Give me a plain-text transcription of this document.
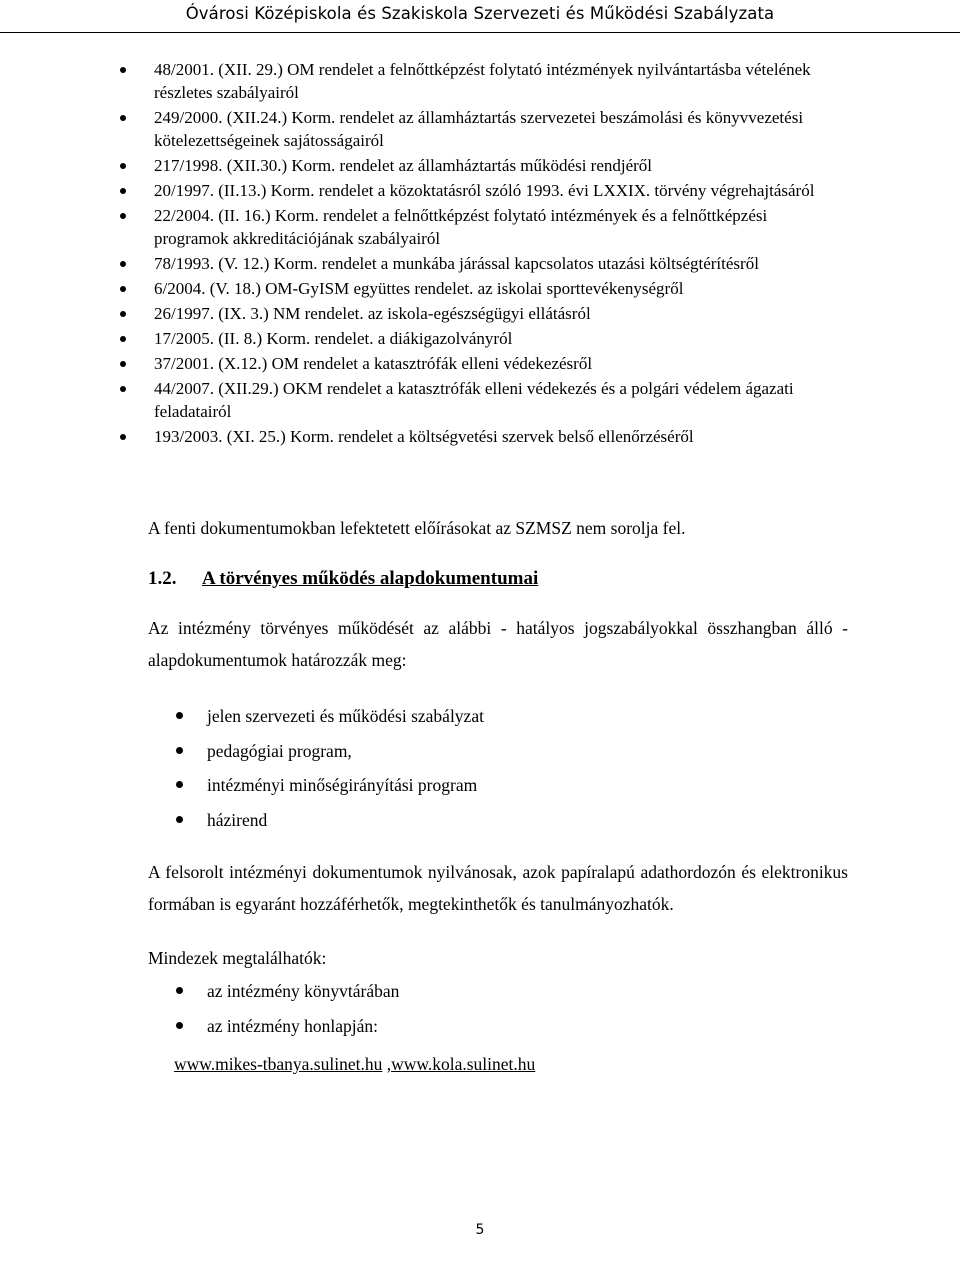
Óvárosi Középiskola és Szakiskola Szervezeti és Működési Szabályzata
48/2001. (XII. 29.) OM rendelet a felnőttképzést folytató intézmények nyilvántartásba vételének részletes szabályairól
249/2000. (XII.24.) Korm. rendelet az államháztartás szervezetei beszámolási és könyvvezetési kötelezettségeinek sajátosságairól
217/1998. (XII.30.) Korm. rendelet az államháztartás működési rendjéről
20/1997. (II.13.) Korm. rendelet a közoktatásról szóló 1993. évi LXXIX. törvény végrehajtásáról
22/2004. (II. 16.) Korm. rendelet a felnőttképzést folytató intézmények és a felnőttképzési programok akkreditációjának szabályairól
78/1993. (V. 12.) Korm. rendelet a munkába járással kapcsolatos utazási költségtérítésről
6/2004. (V. 18.) OM-GyISM együttes rendelet. az iskolai sporttevékenységről
26/1997. (IX. 3.) NM rendelet. az iskola-egészségügyi ellátásról
17/2005. (II. 8.) Korm. rendelet. a diákigazolványról
37/2001. (X.12.) OM rendelet a katasztrófák elleni védekezésről
44/2007. (XII.29.) OKM rendelet a katasztrófák elleni védekezés és a polgári védelem ágazati feladatairól
193/2003. (XI. 25.) Korm. rendelet a költségvetési szervek belső ellenőrzéséről
A fenti dokumentumokban lefektetett előírásokat az SZMSZ nem sorolja fel.
1.2. A törvényes működés alapdokumentumai
Az intézmény törvényes működését az alábbi - hatályos jogszabályokkal összhangban álló - alapdokumentumok határozzák meg:
jelen szervezeti és működési szabályzat
pedagógiai program,
intézményi minőségirányítási program
házirend
A felsorolt intézményi dokumentumok nyilvánosak, azok papíralapú adathordozón és elektronikus formában is egyaránt hozzáférhetők, megtekinthetők és tanulmányozhatók.
Mindezek megtalálhatók:
az intézmény könyvtárában
az intézmény honlapján:
www.mikes-tbanya.sulinet.hu ,www.kola.sulinet.hu
5
